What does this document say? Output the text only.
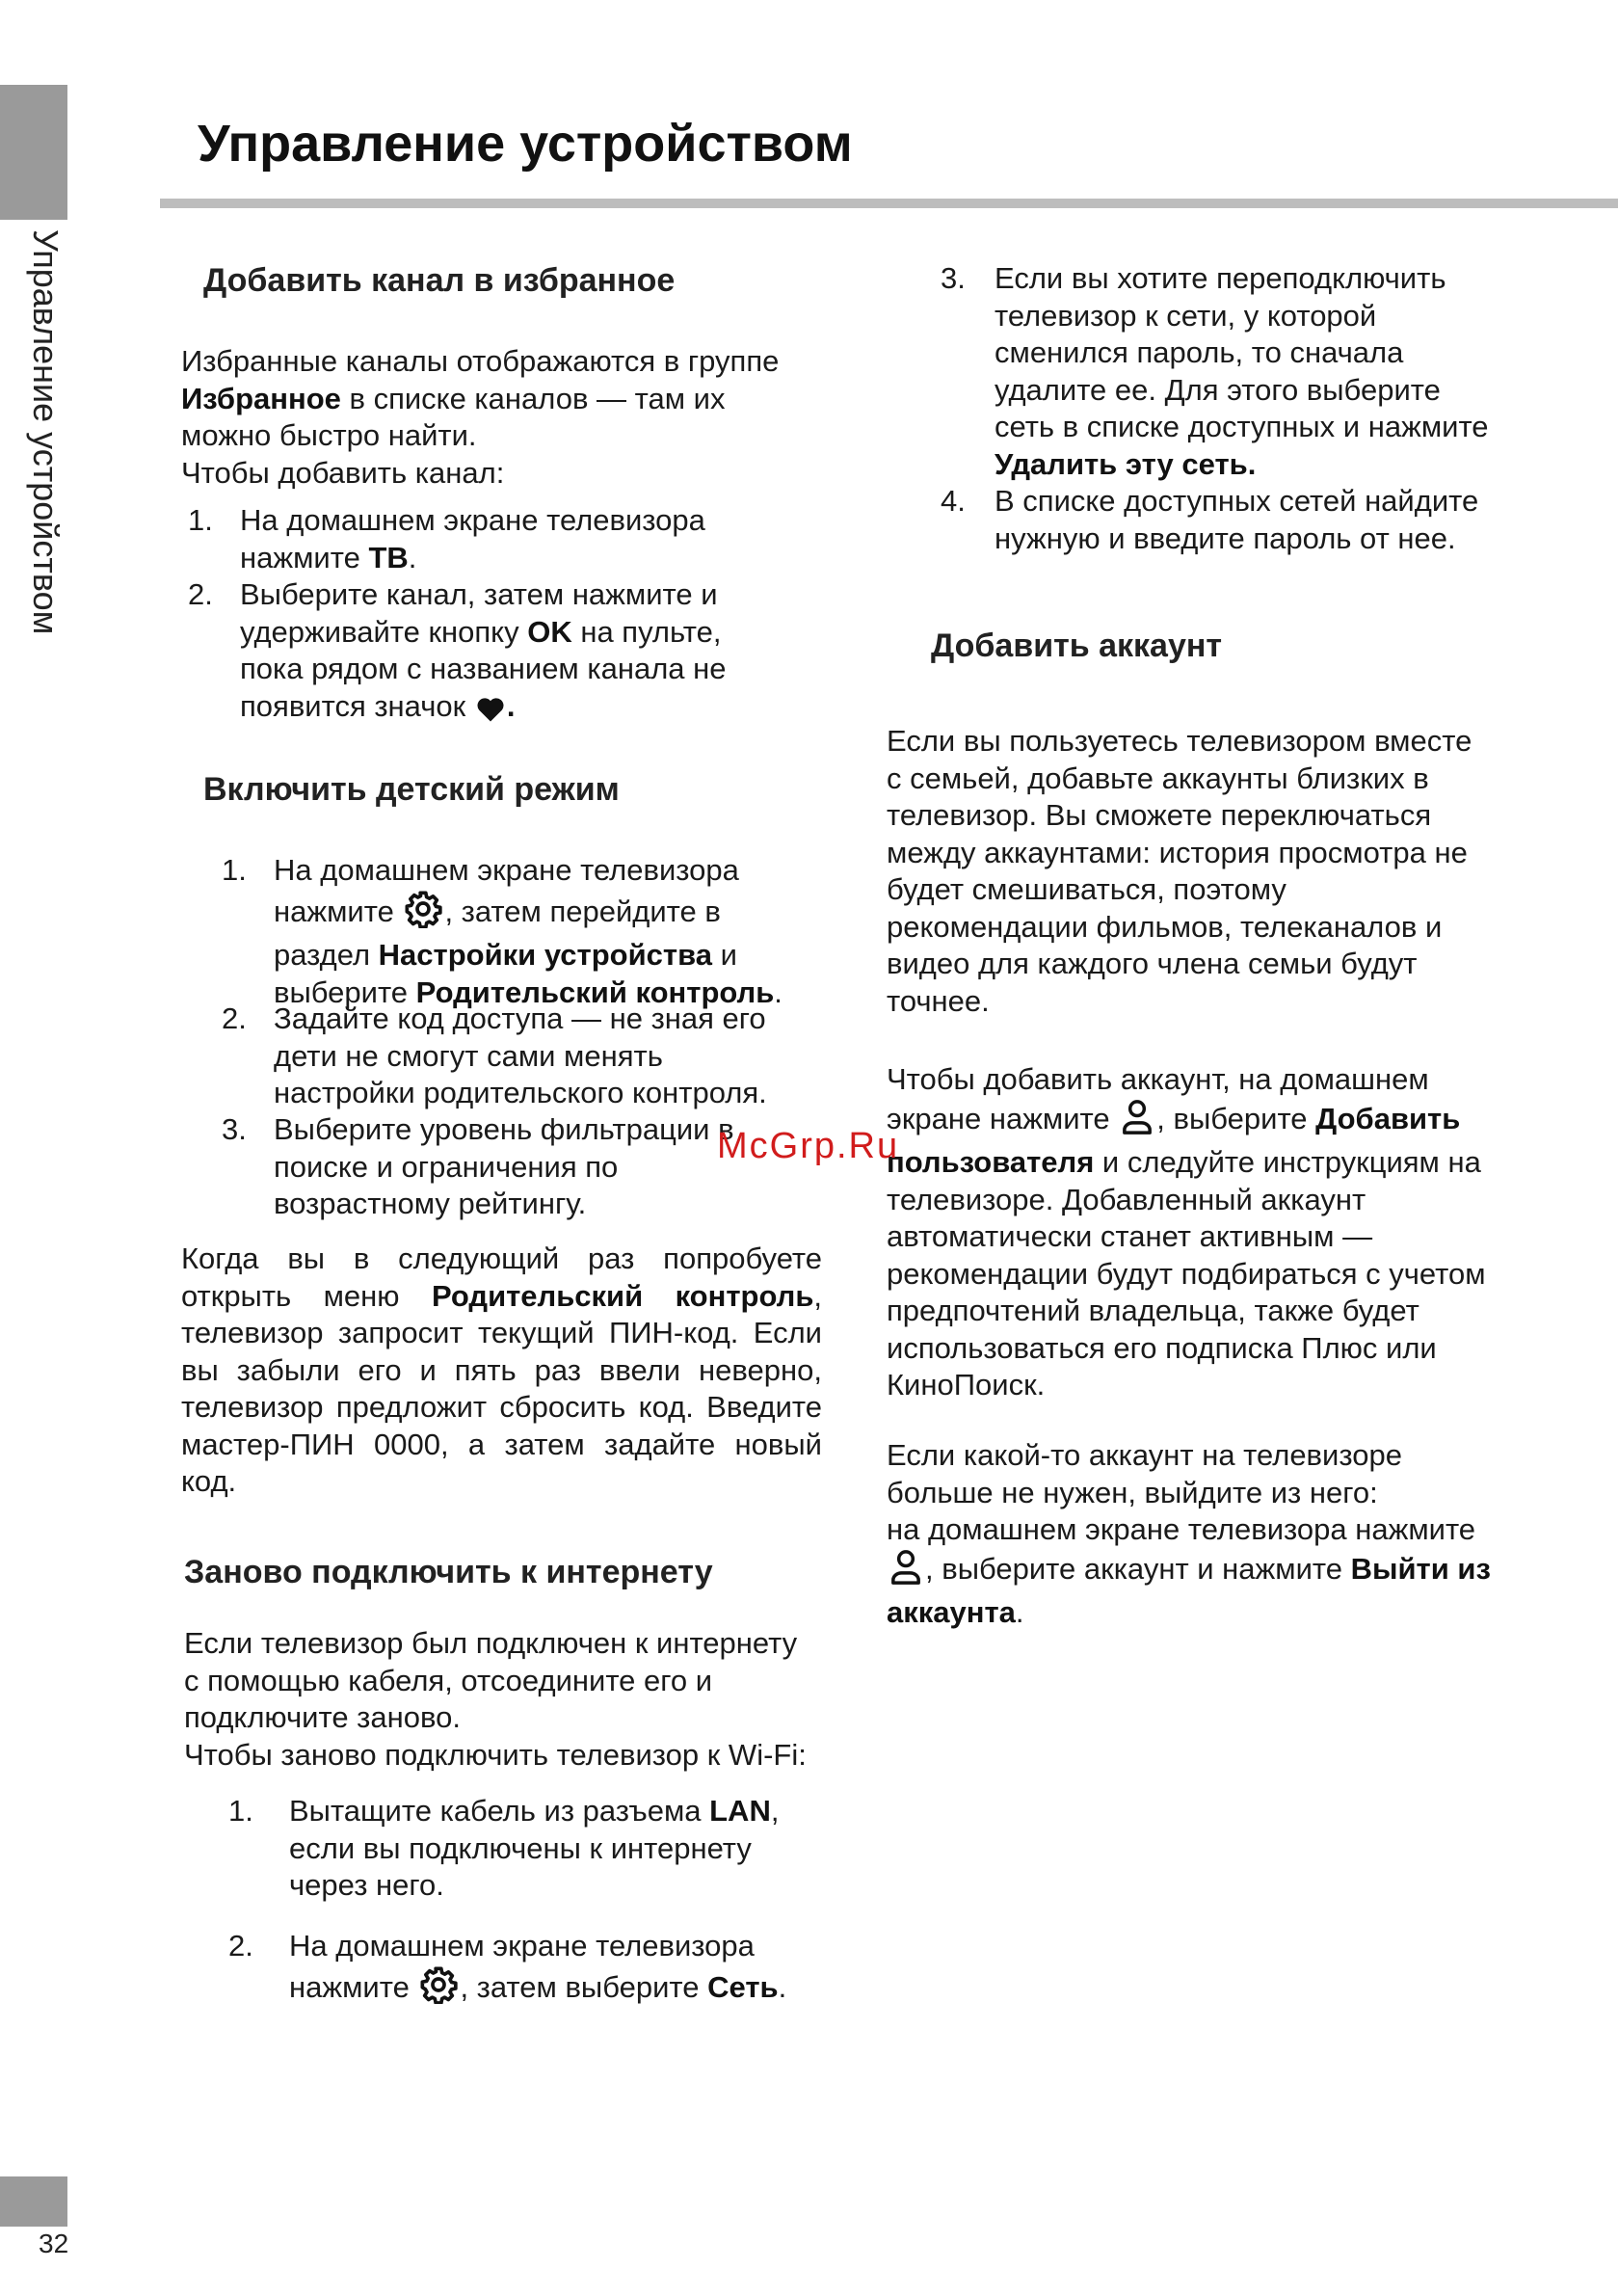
Управление устройством
Управление устройством
Добавить канал в избранное
Избранные каналы отображаются в группе
Избранное в списке каналов — там их
можно быстро найти.
Чтобы добавить канал:
1. На домашнем экране телевизора
нажмите ТВ.
2. Выберите канал, затем нажмите и
удерживайте кнопку OK на пульте,
пока рядом с названием канала не
появится значок .
Включить детский режим
1. На домашнем экране телевизора
нажмите , затем перейдите в
раздел Настройки устройства и
выберите Родительский контроль.
2. Задайте код доступа — не зная его
дети не смогут сами менять
настройки родительского контроля.
3. Выберите уровень фильтрации в
поиске и ограничения по
возрастному рейтингу.

Когда вы в следующий раз попробуете открыть меню Родительский контроль, телевизор запросит текущий ПИН-код. Если вы забыли его и пять раз ввели неверно, телевизор предложит сбросить код. Введите мастер-ПИН 0000, а затем задайте новый код.

Заново подключить к интернету
Если телевизор был подключен к интернету
с помощью кабеля, отсоедините его и
подключите заново.
Чтобы заново подключить телевизор к Wi-Fi:
1. Вытащите кабель из разъема LAN,
если вы подключены к интернету
через него.
2. На домашнем экране телевизора
нажмите , затем выберите Сеть.
3. Если вы хотите переподключить
телевизор к сети, у которой
сменился пароль, то сначала
удалите ее. Для этого выберите
сеть в списке доступных и нажмите
Удалить эту сеть.
4. В списке доступных сетей найдите
нужную и введите пароль от нее.
Добавить аккаунт
Если вы пользуетесь телевизором вместе
с семьей, добавьте аккаунты близких в
телевизор. Вы сможете переключаться
между аккаунтами: история просмотра не
будет смешиваться, поэтому
рекомендации фильмов, телеканалов и
видео для каждого члена семьи будут
точнее.
Чтобы добавить аккаунт, на домашнем
экране нажмите , выберите Добавить
пользователя и следуйте инструкциям на
телевизоре. Добавленный аккаунт
автоматически станет активным —
рекомендации будут подбираться с учетом
предпочтений владельца, также будет
использоваться его подписка Плюс или
КиноПоиск.
Если какой-то аккаунт на телевизоре
больше не нужен, выйдите из него:
на домашнем экране телевизора нажмите
, выберите аккаунт и нажмите Выйти из
аккаунта.
McGrp.Ru
32
